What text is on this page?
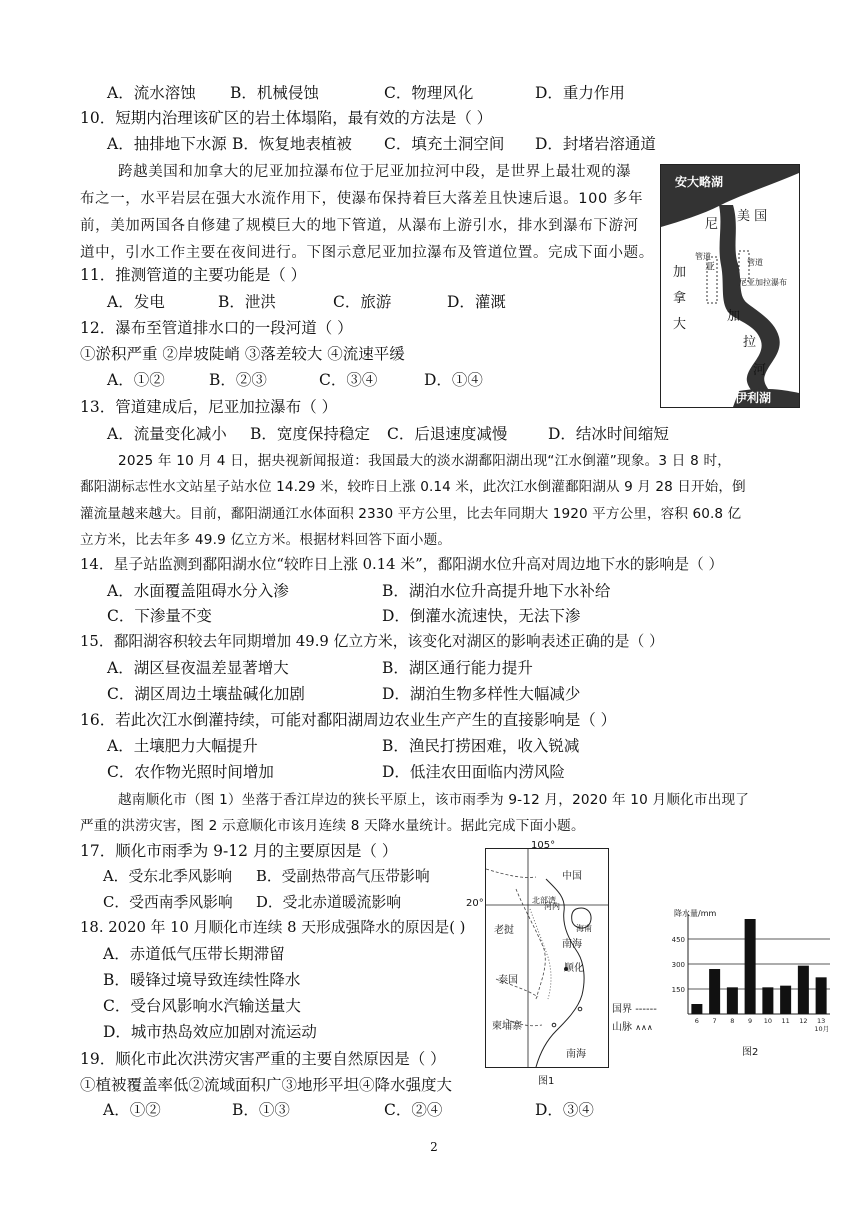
A．流水溶蚀 B．机械侵蚀	C．物理风化	D．重力作用
10．短期内治理该矿区的岩土体塌陷，最有效的方法是（ ）
A．抽排地下水源 B．恢复地表植被 C．填充土洞空间 D．封堵岩溶通道
跨越美国和加拿大的尼亚加拉瀑布位于尼亚加拉河中段，是世界上最壮观的瀑
布之一，水平岩层在强大水流作用下，使瀑布保持着巨大落差且快速后退。100 多年
前，美加两国各自修建了规模巨大的地下管道，从瀑布上游引水，排水到瀑布下游河
道中，引水工作主要在夜间进行。下图示意尼亚加拉瀑布及管道位置。完成下面小题。
安大略湖
美 国
尼
亚
加
拉
河
加
拿
大
管道
管道
尼亚加拉瀑布
伊利湖
11．推测管道的主要功能是（ ）
A．发电	B．泄洪	C．旅游	D．灌溉
12．瀑布至管道排水口的一段河道（ ）
①淤积严重 ②岸坡陡峭 ③落差较大 ④流速平缓
A．①②	B．②③	C．③④	D．①④
13．管道建成后，尼亚加拉瀑布（ ）
A．流量变化减小 B．宽度保持稳定 C．后退速度减慢	D．结冰时间缩短
2025 年 10 月 4 日，据央视新闻报道：我国最大的淡水湖鄱阳湖出现“江水倒灌”现象。3 日 8 时，
鄱阳湖标志性水文站星子站水位 14.29 米，较昨日上涨 0.14 米，此次江水倒灌鄱阳湖从 9 月 28 日开始，倒
灌流量越来越大。目前，鄱阳湖通江水体面积 2330 平方公里，比去年同期大 1920 平方公里，容积 60.8 亿
立方米，比去年多 49.9 亿立方米。根据材料回答下面小题。
14．星子站监测到鄱阳湖水位“较昨日上涨 0.14 米”，鄱阳湖水位升高对周边地下水的影响是（ ）
A．水面覆盖阻碍水分入渗	B．湖泊水位升高提升地下水补给
C．下渗量不变	D．倒灌水流速快，无法下渗
15．鄱阳湖容积较去年同期增加 49.9 亿立方米，该变化对湖区的影响表述正确的是（ ）
A．湖区昼夜温差显著增大	B．湖区通行能力提升
C．湖区周边土壤盐碱化加剧	D．湖泊生物多样性大幅减少
16．若此次江水倒灌持续，可能对鄱阳湖周边农业生产产生的直接影响是（ ）
A．土壤肥力大幅提升	B．渔民打捞困难，收入锐减
C．农作物光照时间增加	D．低洼农田面临内涝风险
越南顺化市（图 1）坐落于香江岸边的狭长平原上，该市雨季为 9-12 月，2020 年 10 月顺化市出现了
严重的洪涝灾害，图 2 示意顺化市该月连续 8 天降水量统计。据此完成下面小题。
17．顺化市雨季为 9-12 月的主要原因是（ ）
A．受东北季风影响 B．受副热带高气压带影响
C．受西南季风影响 D．受北赤道暖流影响
18. 2020 年 10 月顺化市连续 8 天形成强降水的原因是( )
A．赤道低气压带长期滞留
B．暖锋过境导致连续性降水
C．受台风影响水汽输送量大
D．城市热岛效应加剧对流运动
19．顺化市此次洪涝灾害严重的主要自然原因是（ ）
①植被覆盖率低②流域面积广③地形平坦④降水强度大
A．①②	B．①③	C．②④	D．③④
中国
北部湾
河内
海南
老挝
南海
顺化
泰国
柬埔寨
南海
105°
20°
图1
国界 ------
山脉 ∧∧∧
150
300
450
6 7 8 9 10 11 12 13
10月
降水量/mm
图2
2
